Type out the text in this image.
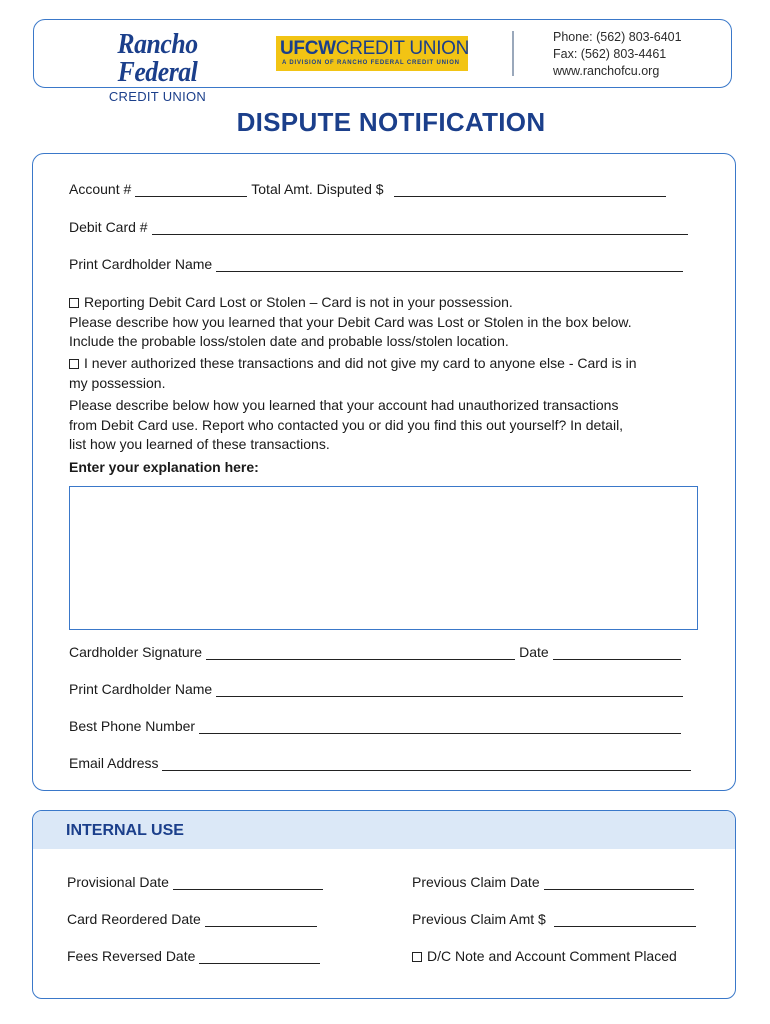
Rancho Federal
CREDIT UNION
UFCWCREDIT UNION
A DIVISION OF RANCHO FEDERAL CREDIT UNION
Phone: (562) 803-6401
Fax: (562) 803-4461
www.ranchofcu.org
DISPUTE NOTIFICATION
Account #	Total Amt. Disputed $
Debit Card #
Print Cardholder Name
Reporting Debit Card Lost or Stolen – Card is not in your possession.
Please describe how you learned that your Debit Card was Lost or Stolen in the box below.
Include the probable loss/stolen date and probable loss/stolen location.
I never authorized these transactions and did not give my card to anyone else - Card is in
my possession.
Please describe below how you learned that your account had unauthorized transactions
from Debit Card use. Report who contacted you or did you find this out yourself? In detail,
list how you learned of these transactions.
Enter your explanation here:
Cardholder Signature	Date
Print Cardholder Name
Best Phone Number
Email Address
INTERNAL USE
Provisional Date	Previous Claim Date
Card Reordered Date	Previous Claim Amt $
Fees Reversed Date	D/C Note and Account Comment Placed
